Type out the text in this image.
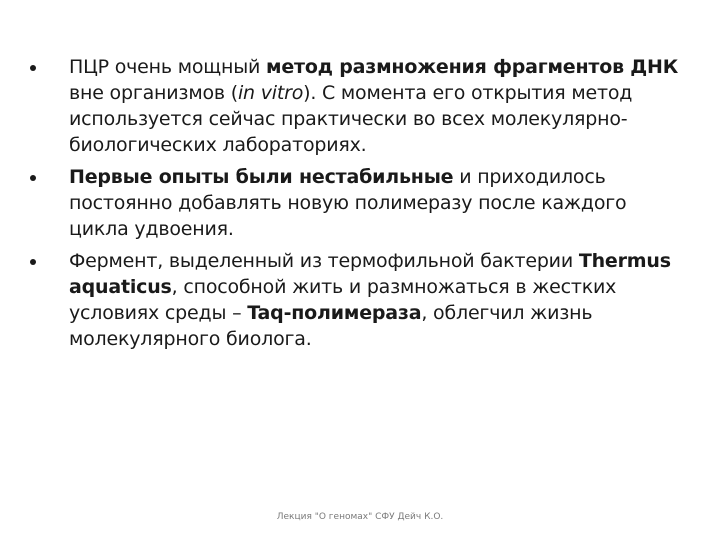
ПЦР очень мощный метод размножения фрагментов ДНК вне организмов (in vitro). С момента его открытия метод используется сейчас практически во всех молекулярно-биологических лабораториях.
Первые опыты были нестабильные и приходилось постоянно добавлять новую полимеразу после каждого цикла удвоения.
Фермент, выделенный из термофильной бактерии Thermus aquaticus, способной жить и размножаться в жестких условиях среды – Taq-полимераза, облегчил жизнь молекулярного биолога.
Лекция "О геномах" СФУ Дейч К.О.
